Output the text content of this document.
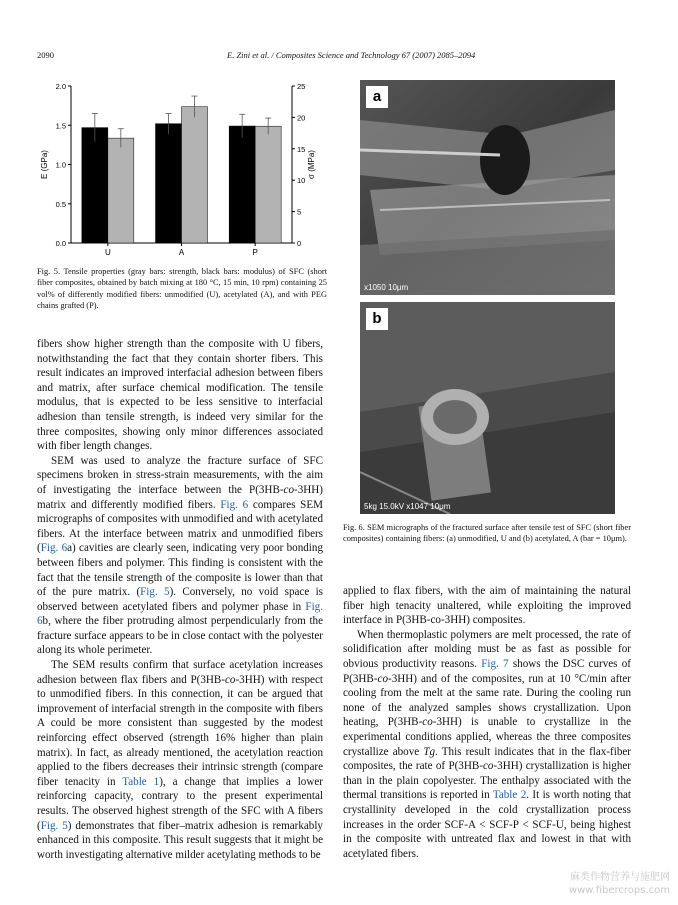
2090	E. Zini et al. / Composites Science and Technology 67 (2007) 2085–2094
0.0
0.5
1.0
1.5
2.0
0
5
10
15
20
25
E (GPa)	σ (MPa)
U	A	P
Fig. 5. Tensile properties (gray bars: strength, black bars: modulus) of SFC (short fiber composites, obtained by batch mixing at 180 °C, 15 min, 10 rpm) containing 25 vol% of differently modified fibers: unmodified (U), acetylated (A), and with PEG chains grafted (P).

fibers show higher strength than the composite with U fibers, notwithstanding the fact that they contain shorter fibers. This result indicates an improved interfacial adhesion between fibers and matrix, after surface chemical modification. The tensile modulus, that is expected to be less sensitive to interfacial adhesion than tensile strength, is indeed very similar for the three composites, showing only minor differences associated with fiber length changes.

SEM was used to analyze the fracture surface of SFC specimens broken in stress-strain measurements, with the aim of investigating the interface between the P(3HB-co-3HH) matrix and differently modified fibers. Fig. 6 compares SEM micrographs of composites with unmodified and with acetylated fibers. At the interface between matrix and unmodified fibers (Fig. 6a) cavities are clearly seen, indicating very poor bonding between fibers and polymer. This finding is consistent with the fact that the tensile strength of the composite is lower than that of the pure matrix. (Fig. 5). Conversely, no void space is observed between acetylated fibers and polymer phase in Fig. 6b, where the fiber protruding almost perpendicularly from the fracture surface appears to be in close contact with the polyester along its whole perimeter.

The SEM results confirm that surface acetylation increases adhesion between flax fibers and P(3HB-co-3HH) with respect to unmodified fibers. In this connection, it can be argued that improvement of interfacial strength in the composite with fibers A could be more consistent than suggested by the modest reinforcing effect observed (strength 16% higher than plain matrix). In fact, as already mentioned, the acetylation reaction applied to the fibers decreases their intrinsic strength (compare fiber tenacity in Table 1), a change that implies a lower reinforcing capacity, contrary to the present experimental results. The observed highest strength of the SFC with A fibers (Fig. 5) demonstrates that fiber–matrix adhesion is remarkably enhanced in this composite. This result suggests that it might be worth investigating alternative milder acetylating methods to be

a
x1050 10μm
b
5kg 15.0kV x1047 10μm
Fig. 6. SEM micrographs of the fractured surface after tensile test of SFC (short fiber composites) containing fibers: (a) unmodified, U and (b) acetylated, A (bar = 10μm).

applied to flax fibers, with the aim of maintaining the natural fiber high tenacity unaltered, while exploiting the improved interface in P(3HB-co-3HH) composites.

When thermoplastic polymers are melt processed, the rate of solidification after molding must be as fast as possible for obvious productivity reasons. Fig. 7 shows the DSC curves of P(3HB-co-3HH) and of the composites, run at 10 °C/min after cooling from the melt at the same rate. During the cooling run none of the analyzed samples shows crystallization. Upon heating, P(3HB-co-3HH) is unable to crystallize in the experimental conditions applied, whereas the three composites crystallize above Tg. This result indicates that in the flax-fiber composites, the rate of P(3HB-co-3HH) crystallization is higher than in the plain copolyester. The enthalpy associated with the thermal transitions is reported in Table 2. It is worth noting that crystallinity developed in the cold crystallization process increases in the order SCF-A < SCF-P < SCF-U, being highest in the composite with untreated flax and lowest in that with acetylated fibers.

麻类作物营养与施肥网
www.fibercrops.com
